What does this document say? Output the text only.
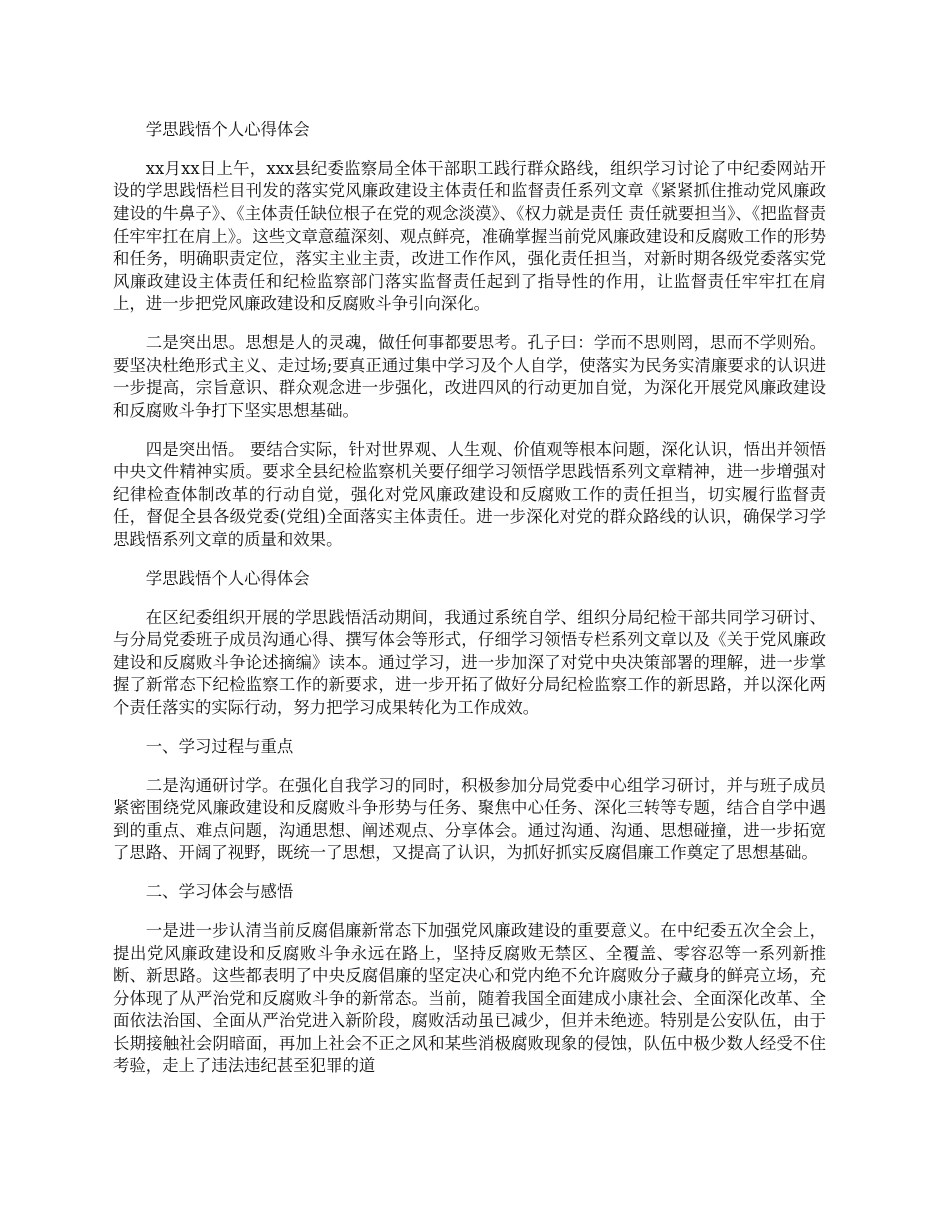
学思践悟个人心得体会

xx月xx日上午，xxx县纪委监察局全体干部职工践行群众路线，组织学习讨论了中纪委网站开设的学思践悟栏目刊发的落实党风廉政建设主体责任和监督责任系列文章《紧紧抓住推动党风廉政建设的牛鼻子》、《主体责任缺位根子在党的观念淡漠》、《权力就是责任 责任就要担当》、《把监督责任牢牢扛在肩上》。这些文章意蕴深刻、观点鲜亮，准确掌握当前党风廉政建设和反腐败工作的形势和任务，明确职责定位，落实主业主责，改进工作作风，强化责任担当，对新时期各级党委落实党风廉政建设主体责任和纪检监察部门落实监督责任起到了指导性的作用，让监督责任牢牢扛在肩上，进一步把党风廉政建设和反腐败斗争引向深化。

二是突出思。思想是人的灵魂，做任何事都要思考。孔子曰：学而不思则罔，思而不学则殆。要坚决杜绝形式主义、走过场;要真正通过集中学习及个人自学，使落实为民务实清廉要求的认识进一步提高，宗旨意识、群众观念进一步强化，改进四风的行动更加自觉，为深化开展党风廉政建设和反腐败斗争打下坚实思想基础。

四是突出悟。 要结合实际，针对世界观、人生观、价值观等根本问题，深化认识，悟出并领悟中央文件精神实质。要求全县纪检监察机关要仔细学习领悟学思践悟系列文章精神，进一步增强对纪律检查体制改革的行动自觉，强化对党风廉政建设和反腐败工作的责任担当，切实履行监督责任，督促全县各级党委(党组)全面落实主体责任。进一步深化对党的群众路线的认识，确保学习学思践悟系列文章的质量和效果。

学思践悟个人心得体会

在区纪委组织开展的学思践悟活动期间，我通过系统自学、组织分局纪检干部共同学习研讨、与分局党委班子成员沟通心得、撰写体会等形式，仔细学习领悟专栏系列文章以及《关于党风廉政建设和反腐败斗争论述摘编》读本。通过学习，进一步加深了对党中央决策部署的理解，进一步掌握了新常态下纪检监察工作的新要求，进一步开拓了做好分局纪检监察工作的新思路，并以深化两个责任落实的实际行动，努力把学习成果转化为工作成效。

一、学习过程与重点

二是沟通研讨学。在强化自我学习的同时，积极参加分局党委中心组学习研讨，并与班子成员紧密围绕党风廉政建设和反腐败斗争形势与任务、聚焦中心任务、深化三转等专题，结合自学中遇到的重点、难点问题，沟通思想、阐述观点、分享体会。通过沟通、沟通、思想碰撞，进一步拓宽了思路、开阔了视野，既统一了思想，又提高了认识，为抓好抓实反腐倡廉工作奠定了思想基础。

二、学习体会与感悟

一是进一步认清当前反腐倡廉新常态下加强党风廉政建设的重要意义。在中纪委五次全会上，提出党风廉政建设和反腐败斗争永远在路上，坚持反腐败无禁区、全覆盖、零容忍等一系列新推断、新思路。这些都表明了中央反腐倡廉的坚定决心和党内绝不允许腐败分子藏身的鲜亮立场，充分体现了从严治党和反腐败斗争的新常态。当前，随着我国全面建成小康社会、全面深化改革、全面依法治国、全面从严治党进入新阶段，腐败活动虽已减少，但并未绝迹。特别是公安队伍，由于长期接触社会阴暗面，再加上社会不正之风和某些消极腐败现象的侵蚀，队伍中极少数人经受不住考验，走上了违法违纪甚至犯罪的道
